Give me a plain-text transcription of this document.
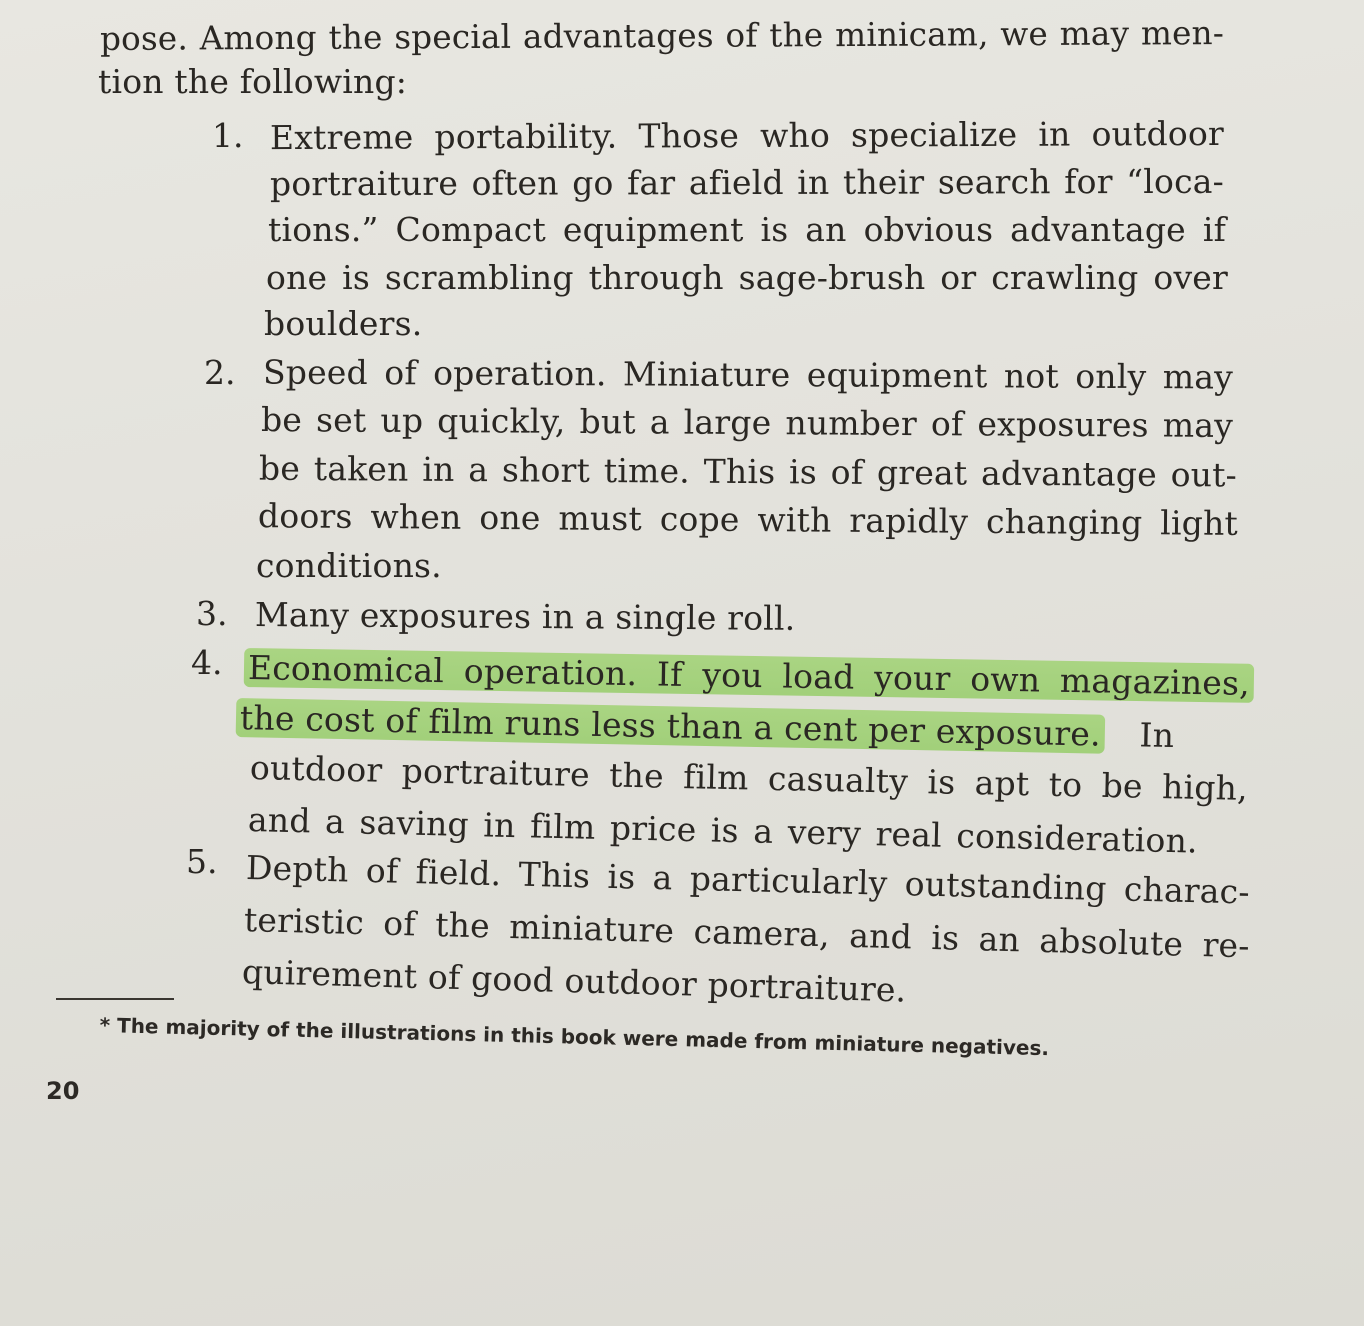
pose. Among the special advantages of the minicam, we may men-
tion the following:
1. Extreme portability. Those who specialize in outdoor
portraiture often go far afield in their search for “loca-
tions.” Compact equipment is an obvious advantage if
one is scrambling through sage-brush or crawling over
boulders.
2. Speed of operation. Miniature equipment not only may
be set up quickly, but a large number of exposures may
be taken in a short time. This is of great advantage out-
doors when one must cope with rapidly changing light
conditions.
3. Many exposures in a single roll.
4. Economical operation. If you load your own magazines,
the cost of film runs less than a cent per exposure. In
outdoor portraiture the film casualty is apt to be high,
and a saving in film price is a very real consideration.
5. Depth of field. This is a particularly outstanding charac-
teristic of the miniature camera, and is an absolute re-
quirement of good outdoor portraiture.
* The majority of the illustrations in this book were made from miniature negatives.
20
